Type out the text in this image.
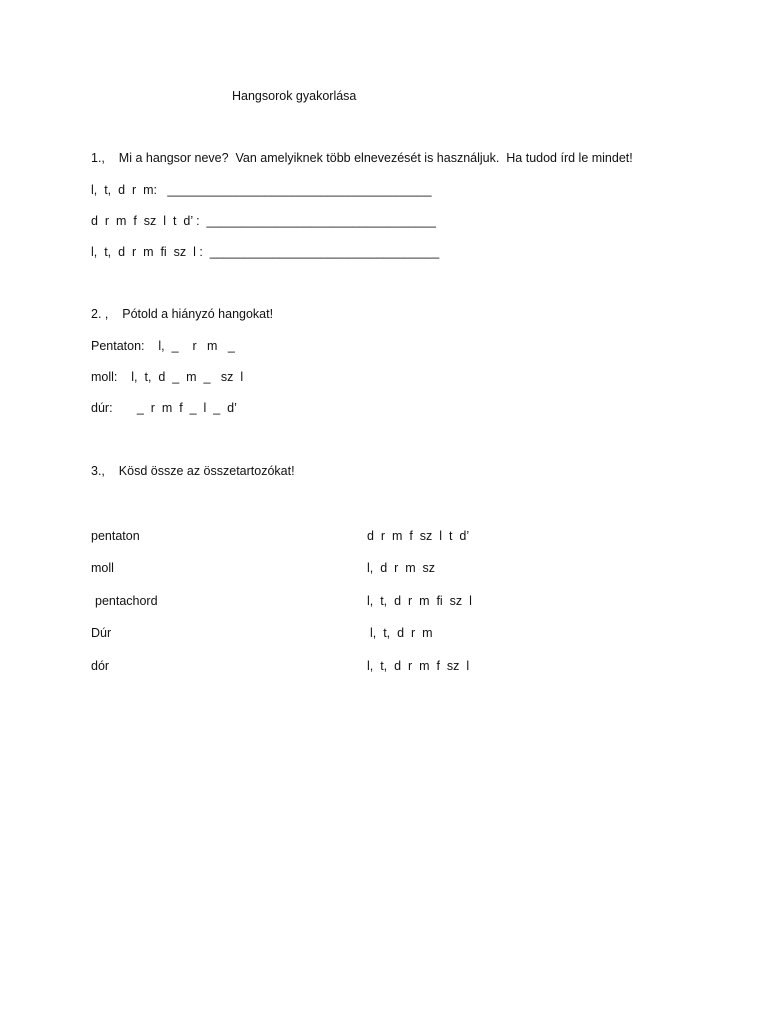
Hangsorok gyakorlása
1.,    Mi a hangsor neve?  Van amelyiknek több elnevezését is használjuk.  Ha tudod írd le mindet!
l,  t,  d  r  m:   ______________________________________
d  r  m  f  sz  l  t  d’ :  _________________________________
l,  t,  d  r  m  fi  sz  l :  _________________________________
2. ,    Pótold a hiányzó hangokat!
Pentaton:    l,  _    r   m   _
moll:    l,  t,  d  _  m  _   sz  l
dúr:       _  r  m  f  _  l  _  d’
3.,    Kösd össze az összetartozókat!
pentaton
moll
pentachord
Dúr
dór
d  r  m  f  sz  l  t  d’
l,  d  r  m  sz
l,  t,  d  r  m  fi  sz  l
l,  t,  d  r  m
l,  t,  d  r  m  f  sz  l
